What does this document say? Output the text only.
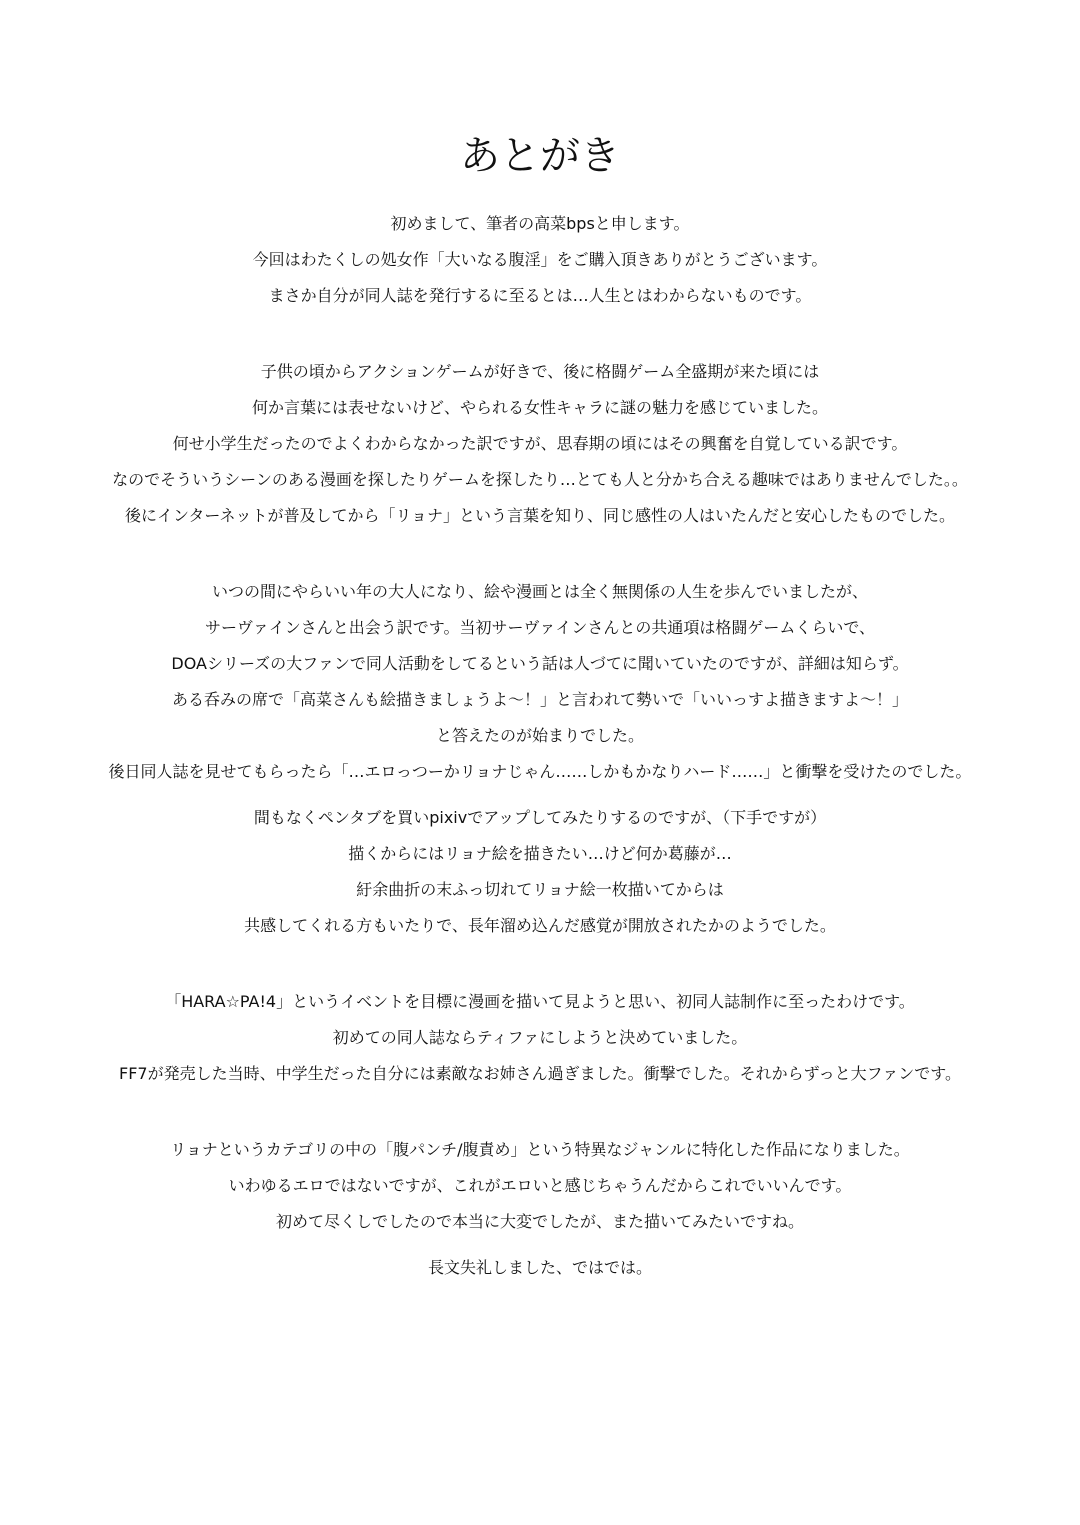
あとがき
初めまして、筆者の高菜bpsと申します。
今回はわたくしの処女作「大いなる腹淫」をご購入頂きありがとうございます。
まさか自分が同人誌を発行するに至るとは…人生とはわからないものです。
子供の頃からアクションゲームが好きで、後に格闘ゲーム全盛期が来た頃には
何か言葉には表せないけど、やられる女性キャラに謎の魅力を感じていました。
何せ小学生だったのでよくわからなかった訳ですが、思春期の頃にはその興奮を自覚している訳です。
なのでそういうシーンのある漫画を探したりゲームを探したり…とても人と分かち合える趣味ではありませんでした。。
後にインターネットが普及してから「リョナ」という言葉を知り、同じ感性の人はいたんだと安心したものでした。
いつの間にやらいい年の大人になり、絵や漫画とは全く無関係の人生を歩んでいましたが、
サーヴァインさんと出会う訳です。当初サーヴァインさんとの共通項は格闘ゲームくらいで、
DOAシリーズの大ファンで同人活動をしてるという話は人づてに聞いていたのですが、詳細は知らず。
ある呑みの席で「高菜さんも絵描きましょうよ～！」と言われて勢いで「いいっすよ描きますよ～！」
と答えたのが始まりでした。
後日同人誌を見せてもらったら「…エロっつーかリョナじゃん……しかもかなりハード……」と衝撃を受けたのでした。
間もなくペンタブを買いpixivでアップしてみたりするのですが、（下手ですが）
描くからにはリョナ絵を描きたい…けど何か葛藤が…
紆余曲折の末ふっ切れてリョナ絵一枚描いてからは
共感してくれる方もいたりで、長年溜め込んだ感覚が開放されたかのようでした。
「HARA☆PA!4」というイベントを目標に漫画を描いて見ようと思い、初同人誌制作に至ったわけです。
初めての同人誌ならティファにしようと決めていました。
FF7が発売した当時、中学生だった自分には素敵なお姉さん過ぎました。衝撃でした。それからずっと大ファンです。
リョナというカテゴリの中の「腹パンチ/腹責め」という特異なジャンルに特化した作品になりました。
いわゆるエロではないですが、これがエロいと感じちゃうんだからこれでいいんです。
初めて尽くしでしたので本当に大変でしたが、また描いてみたいですね。
長文失礼しました、ではでは。
